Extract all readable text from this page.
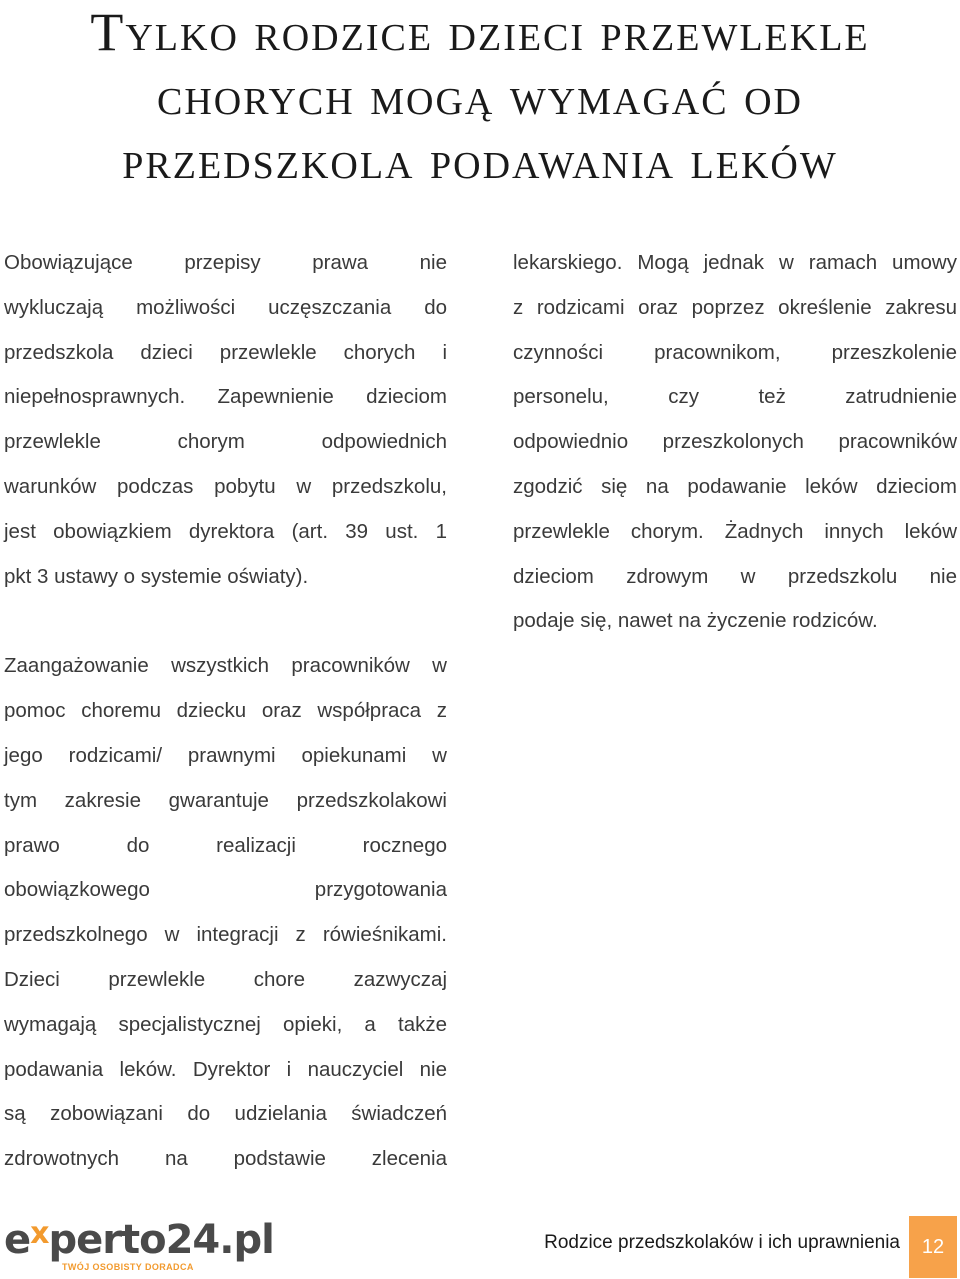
Tylko rodzice dzieci przewlekle
chorych mogą wymagać od
przedszkola podawania leków

Obowiązujące przepisy prawa nie
wykluczają możliwości uczęszczania do
przedszkola dzieci przewlekle chorych i
niepełnosprawnych. Zapewnienie dzieciom
przewlekle chorym odpowiednich
warunków podczas pobytu w przedszkolu,
jest obowiązkiem dyrektora (art. 39 ust. 1
pkt 3 ustawy o systemie oświaty).

Zaangażowanie wszystkich pracowników w
pomoc choremu dziecku oraz współpraca z
jego rodzicami/ prawnymi opiekunami w
tym zakresie gwarantuje przedszkolakowi
prawo do realizacji rocznego
obowiązkowego przygotowania
przedszkolnego w integracji z rówieśnikami.
Dzieci przewlekle chore zazwyczaj
wymagają specjalistycznej opieki, a także
podawania leków. Dyrektor i nauczyciel nie
są zobowiązani do udzielania świadczeń
zdrowotnych na podstawie zlecenia

lekarskiego. Mogą jednak w ramach umowy
z rodzicami oraz poprzez określenie zakresu
czynności pracownikom, przeszkolenie
personelu, czy też zatrudnienie
odpowiednio przeszkolonych pracowników
zgodzić się na podawanie leków dzieciom
przewlekle chorym. Żadnych innych leków
dzieciom zdrowym w przedszkolu nie
podaje się, nawet na życzenie rodziców.

$e^xperto24.pl$
TWÓJ OSOBISTY DORADCA
Rodzice przedszkolaków i ich uprawnienia	12
